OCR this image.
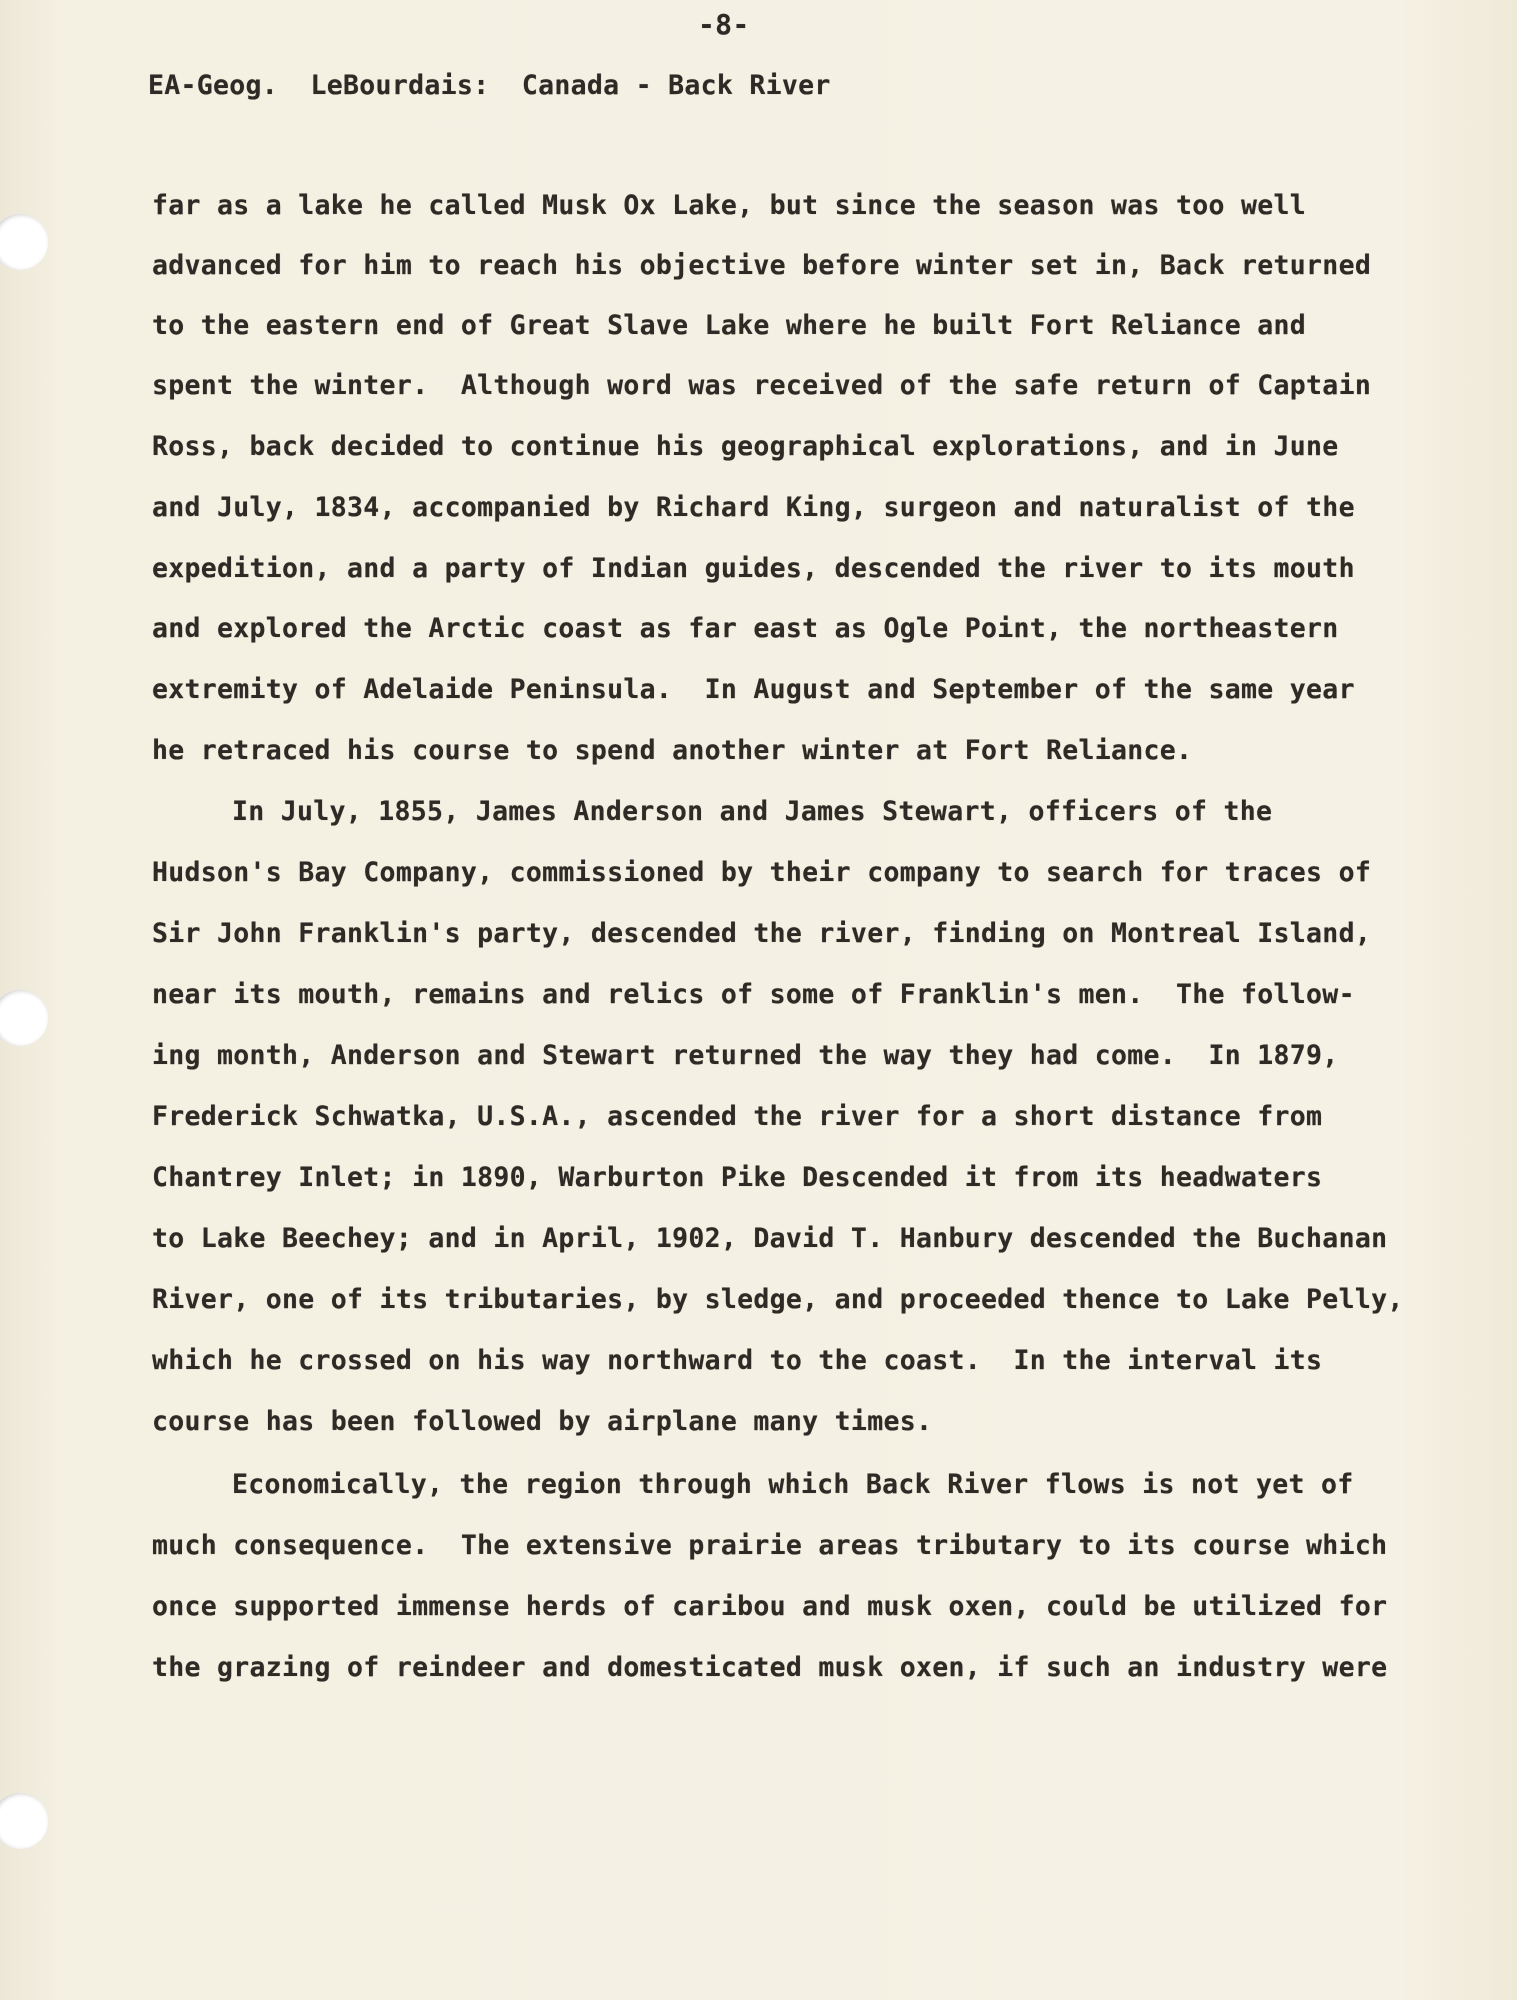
-8-
EA-Geog.  LeBourdais:  Canada - Back River
far as a lake he called Musk Ox Lake, but since the season was too well
advanced for him to reach his objective before winter set in, Back returned
to the eastern end of Great Slave Lake where he built Fort Reliance and
spent the winter.  Although word was received of the safe return of Captain
Ross, back decided to continue his geographical explorations, and in June
and July, 1834, accompanied by Richard King, surgeon and naturalist of the
expedition, and a party of Indian guides, descended the river to its mouth
and explored the Arctic coast as far east as Ogle Point, the northeastern
extremity of Adelaide Peninsula.  In August and September of the same year
he retraced his course to spend another winter at Fort Reliance.
In July, 1855, James Anderson and James Stewart, officers of the
Hudson's Bay Company, commissioned by their company to search for traces of
Sir John Franklin's party, descended the river, finding on Montreal Island,
near its mouth, remains and relics of some of Franklin's men.  The follow-
ing month, Anderson and Stewart returned the way they had come.  In 1879,
Frederick Schwatka, U.S.A., ascended the river for a short distance from
Chantrey Inlet; in 1890, Warburton Pike Descended it from its headwaters
to Lake Beechey; and in April, 1902, David T. Hanbury descended the Buchanan
River, one of its tributaries, by sledge, and proceeded thence to Lake Pelly,
which he crossed on his way northward to the coast.  In the interval its
course has been followed by airplane many times.
Economically, the region through which Back River flows is not yet of
much consequence.  The extensive prairie areas tributary to its course which
once supported immense herds of caribou and musk oxen, could be utilized for
the grazing of reindeer and domesticated musk oxen, if such an industry were
